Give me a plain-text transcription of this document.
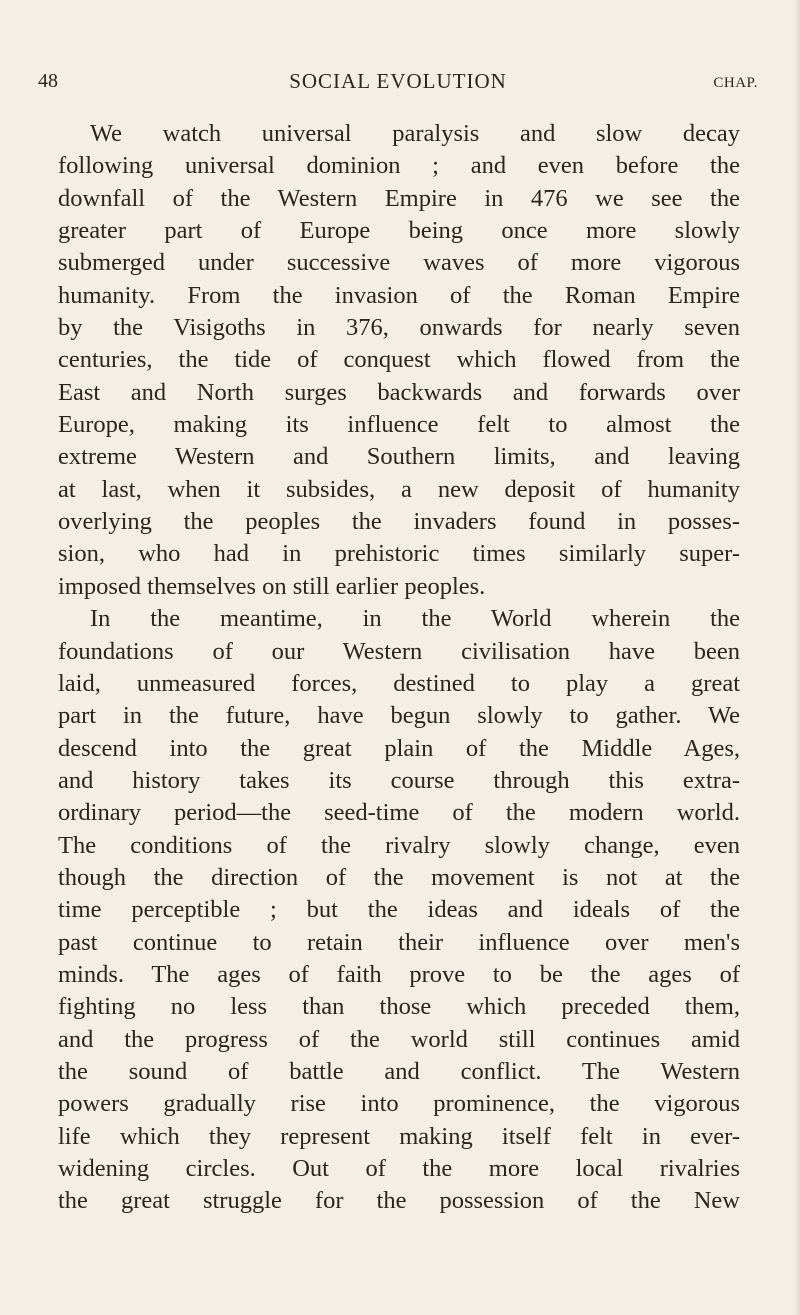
48	SOCIAL EVOLUTION	CHAP.
We watch universal paralysis and slow decay
following universal dominion ; and even before the
downfall of the Western Empire in 476 we see the
greater part of Europe being once more slowly
submerged under successive waves of more vigorous
humanity. From the invasion of the Roman Empire
by the Visigoths in 376, onwards for nearly seven
centuries, the tide of conquest which flowed from the
East and North surges backwards and forwards over
Europe, making its influence felt to almost the
extreme Western and Southern limits, and leaving
at last, when it subsides, a new deposit of humanity
overlying the peoples the invaders found in posses-
sion, who had in prehistoric times similarly super-
imposed themselves on still earlier peoples.
In the meantime, in the World wherein the
foundations of our Western civilisation have been
laid, unmeasured forces, destined to play a great
part in the future, have begun slowly to gather. We
descend into the great plain of the Middle Ages,
and history takes its course through this extra-
ordinary period—the seed-time of the modern world.
The conditions of the rivalry slowly change, even
though the direction of the movement is not at the
time perceptible ; but the ideas and ideals of the
past continue to retain their influence over men's
minds. The ages of faith prove to be the ages of
fighting no less than those which preceded them,
and the progress of the world still continues amid
the sound of battle and conflict. The Western
powers gradually rise into prominence, the vigorous
life which they represent making itself felt in ever-
widening circles. Out of the more local rivalries
the great struggle for the possession of the New
